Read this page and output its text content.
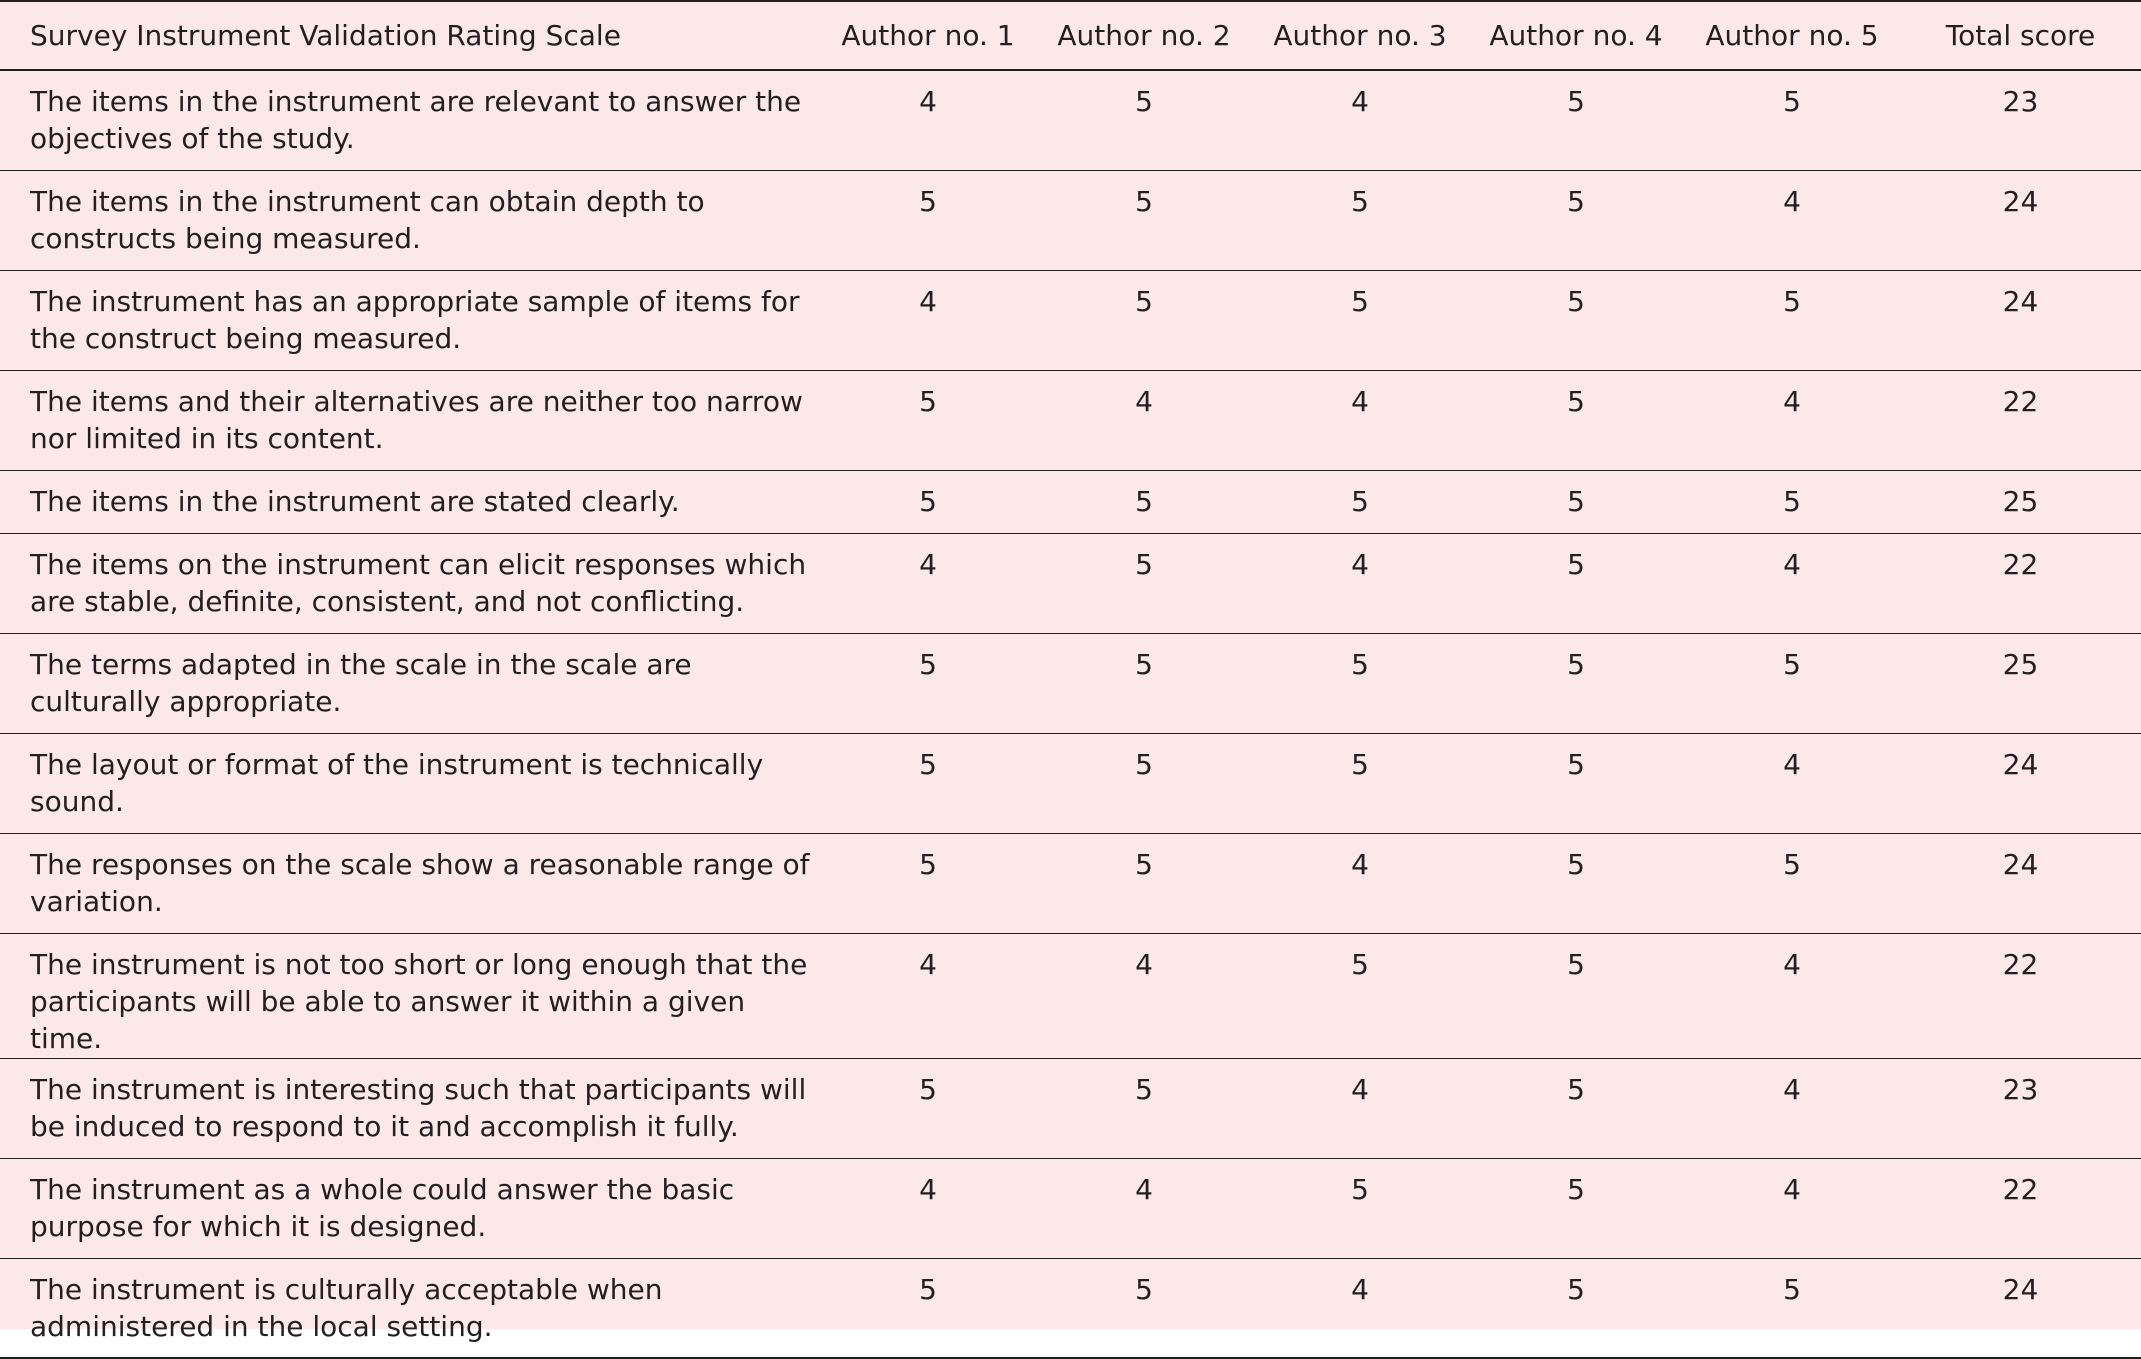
Survey Instrument Validation Rating Scale	Author no. 1	Author no. 2	Author no. 3	Author no. 4	Author no. 5	Total score
The items in the instrument are relevant to answer the objectives of the study.	4	5	4	5	5	23
The items in the instrument can obtain depth to constructs being measured.	5	5	5	5	4	24
The instrument has an appropriate sample of items for the construct being measured.	4	5	5	5	5	24
The items and their alternatives are neither too narrow nor limited in its content.	5	4	4	5	4	22
The items in the instrument are stated clearly.	5	5	5	5	5	25
The items on the instrument can elicit responses which are stable, definite, consistent, and not conflicting.	4	5	4	5	4	22
The terms adapted in the scale in the scale are culturally appropriate.	5	5	5	5	5	25
The layout or format of the instrument is technically sound.	5	5	5	5	4	24
The responses on the scale show a reasonable range of variation.	5	5	4	5	5	24
The instrument is not too short or long enough that the participants will be able to answer it within a given time.	4	4	5	5	4	22
The instrument is interesting such that participants will be induced to respond to it and accomplish it fully.	5	5	4	5	4	23
The instrument as a whole could answer the basic purpose for which it is designed.	4	4	5	5	4	22
The instrument is culturally acceptable when administered in the local setting.	5	5	4	5	5	24
